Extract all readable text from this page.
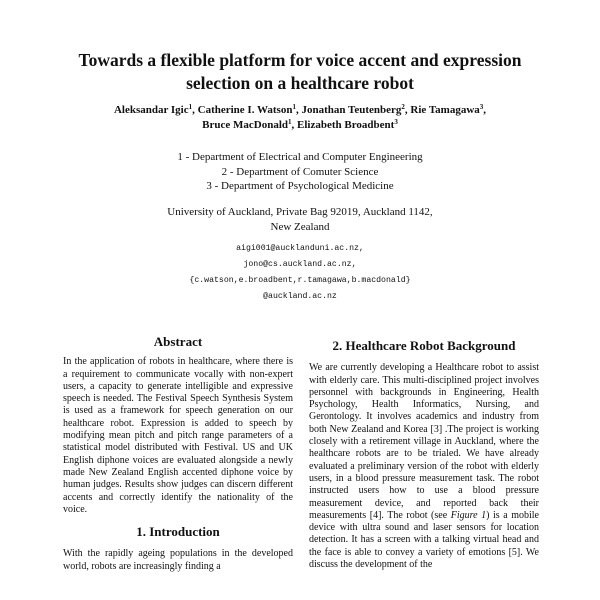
Towards a flexible platform for voice accent and expression
selection on a healthcare robot
Aleksandar Igic$^1$, Catherine I. Watson$^1$, Jonathan Teutenberg$^2$, Rie Tamagawa$^3$,
Bruce MacDonald$^1$, Elizabeth Broadbent$^3$
1 - Department of Electrical and Computer Engineering
2 - Department of Comuter Science
3 - Department of Psychological Medicine
University of Auckland, Private Bag 92019, Auckland 1142,
New Zealand
aigi001@aucklanduni.ac.nz,
jono@cs.auckland.ac.nz,
{c.watson,e.broadbent,r.tamagawa,b.macdonald}
@auckland.ac.nz
Abstract

In the application of robots in healthcare, where there is a requirement to communicate vocally with non-expert users, a capacity to generate intelligible and expressive speech is needed. The Festival Speech Synthesis System is used as a framework for speech generation on our healthcare robot. Expression is added to speech by modifying mean pitch and pitch range parameters of a statistical model distributed with Festival. US and UK English diphone voices are evaluated alongside a newly made New Zealand English accented diphone voice by human judges. Results show judges can discern different accents and correctly identify the nationality of the voice.

1. Introduction

With the rapidly ageing populations in the developed world, robots are increasingly finding a

2. Healthcare Robot Background

We are currently developing a Healthcare robot to assist with elderly care. This multi-disciplined project involves personnel with backgrounds in Engineering, Health Psychology, Health Informatics, Nursing, and Gerontology. It involves academics and industry from both New Zealand and Korea [3] .The project is working closely with a retirement village in Auckland, where the healthcare robots are to be trialed. We have already evaluated a preliminary version of the robot with elderly users, in a blood pressure measurement task. The robot instructed users how to use a blood pressure measurement device, and reported back their measurements [4]. The robot (see Figure 1) is a mobile device with ultra sound and laser sensors for location detection. It has a screen with a talking virtual head and the face is able to convey a variety of emotions [5]. We discuss the development of the
